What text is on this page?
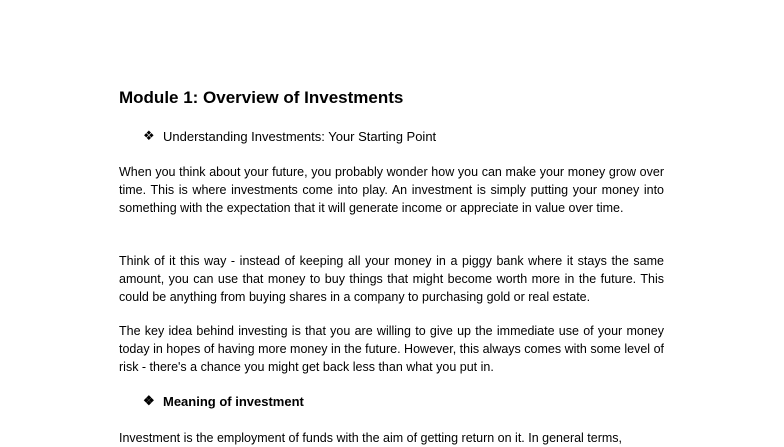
Module 1: Overview of Investments
❖ Understanding Investments: Your Starting Point

When you think about your future, you probably wonder how you can make your money grow over time. This is where investments come into play. An investment is simply putting your money into something with the expectation that it will generate income or appreciate in value over time.

Think of it this way - instead of keeping all your money in a piggy bank where it stays the same amount, you can use that money to buy things that might become worth more in the future. This could be anything from buying shares in a company to purchasing gold or real estate.

The key idea behind investing is that you are willing to give up the immediate use of your money today in hopes of having more money in the future. However, this always comes with some level of risk - there's a chance you might get back less than what you put in.

❖ Meaning of investment

Investment is the employment of funds with the aim of getting return on it. In general terms,
